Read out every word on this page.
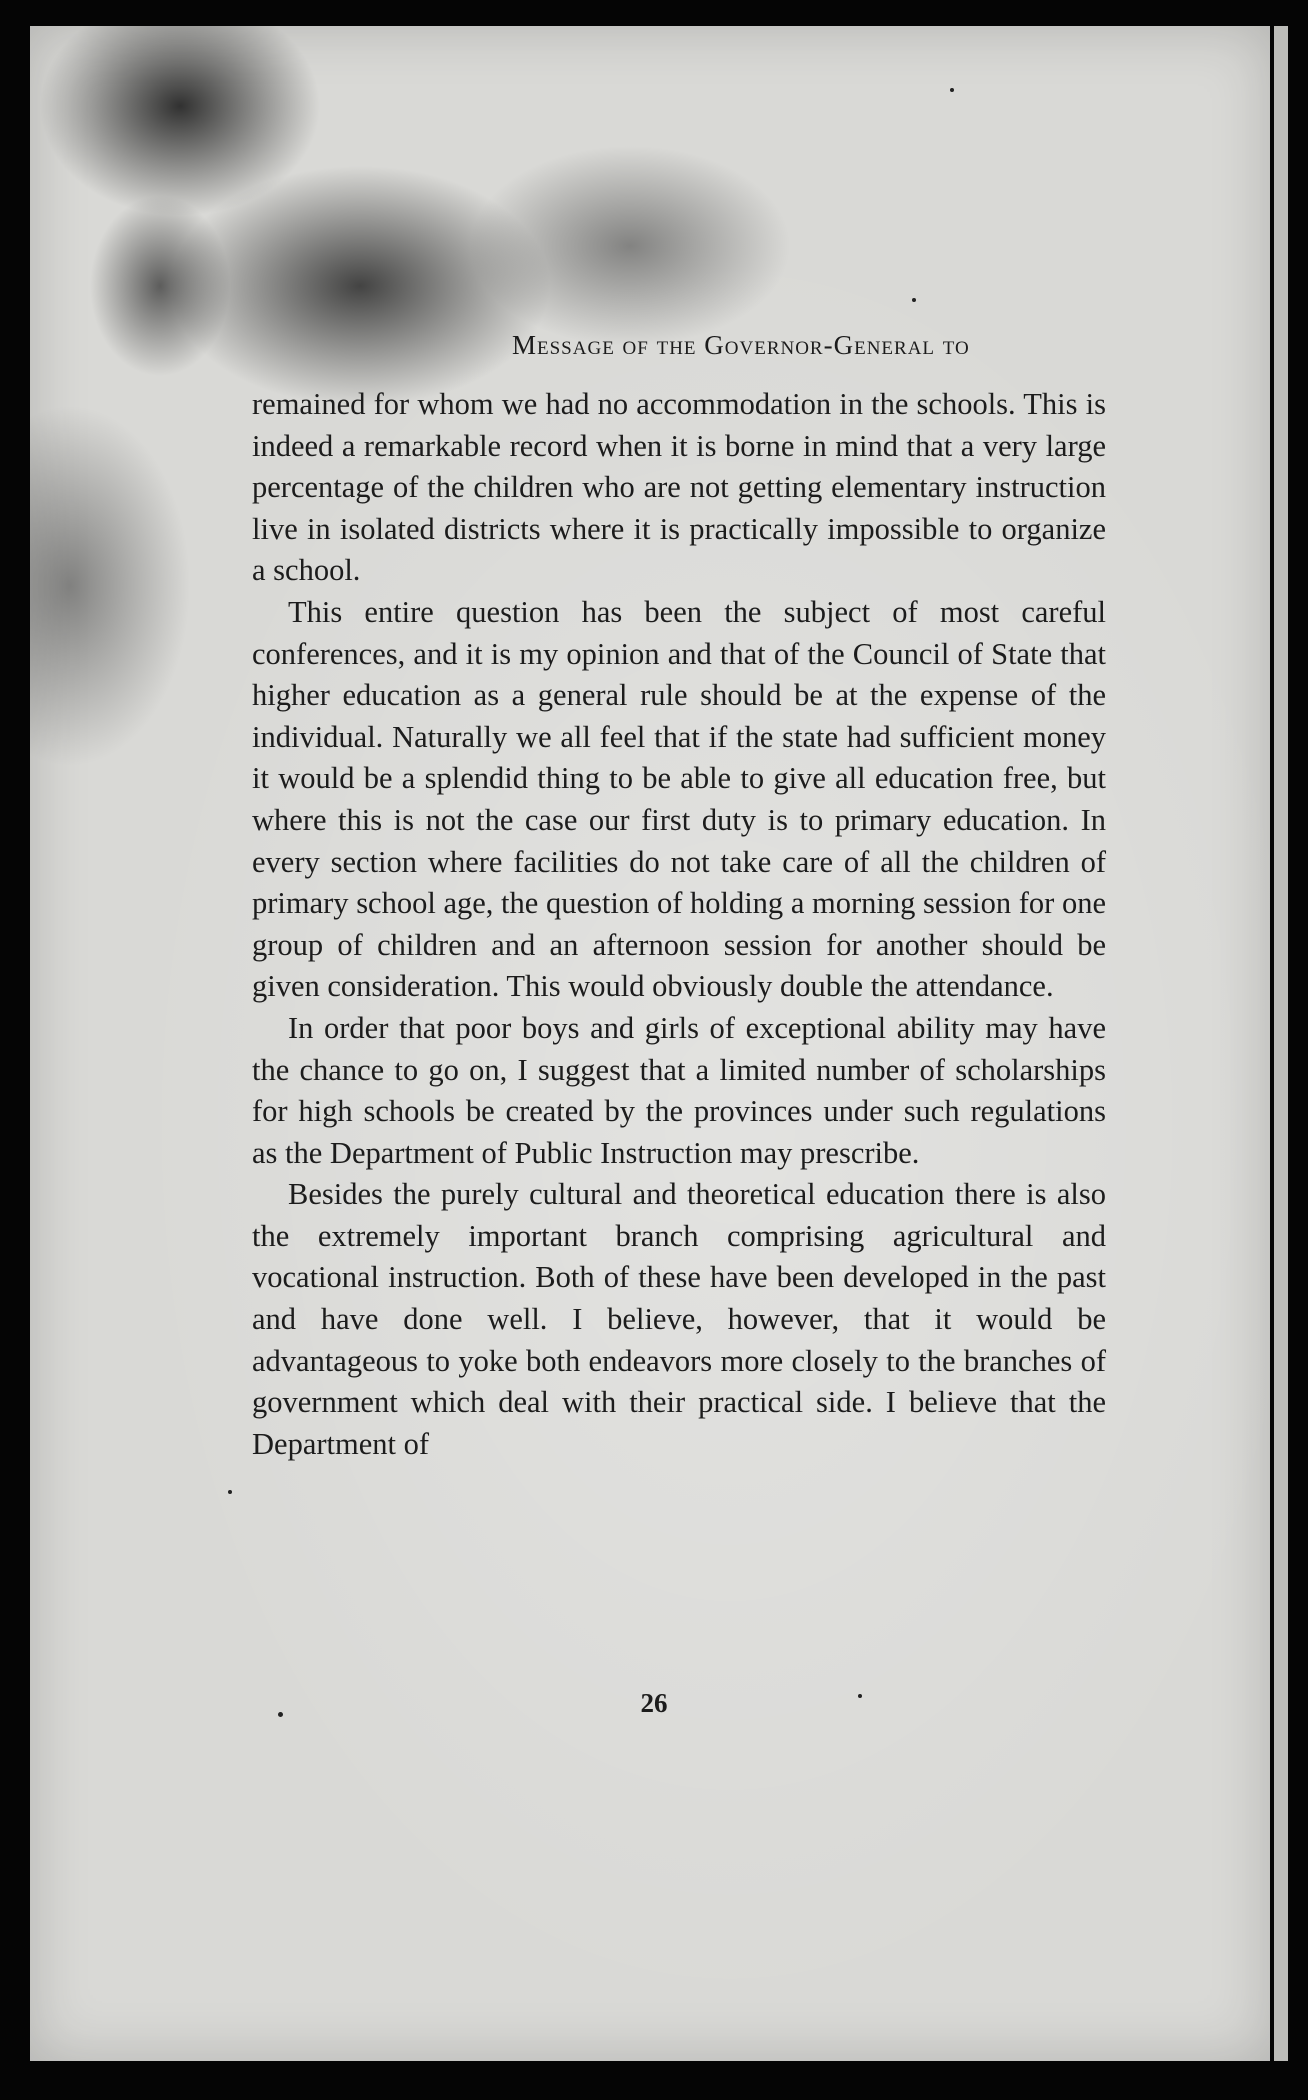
Message of the Governor-General to

remained for whom we had no accommodation in the schools. This is indeed a remarkable record when it is borne in mind that a very large percentage of the children who are not getting elementary instruction live in isolated districts where it is practically impossible to organize a school.

This entire question has been the subject of most careful conferences, and it is my opinion and that of the Council of State that higher education as a general rule should be at the expense of the individual. Naturally we all feel that if the state had sufficient money it would be a splendid thing to be able to give all education free, but where this is not the case our first duty is to primary education. In every section where facilities do not take care of all the children of primary school age, the question of holding a morning session for one group of children and an afternoon session for another should be given consideration. This would obviously double the attendance.

In order that poor boys and girls of exceptional ability may have the chance to go on, I suggest that a limited number of scholarships for high schools be created by the provinces under such regulations as the Department of Public Instruction may prescribe.

Besides the purely cultural and theoretical education there is also the extremely important branch comprising agricultural and vocational instruction. Both of these have been developed in the past and have done well. I believe, however, that it would be advantageous to yoke both endeavors more closely to the branches of government which deal with their practical side. I believe that the Department of

26
